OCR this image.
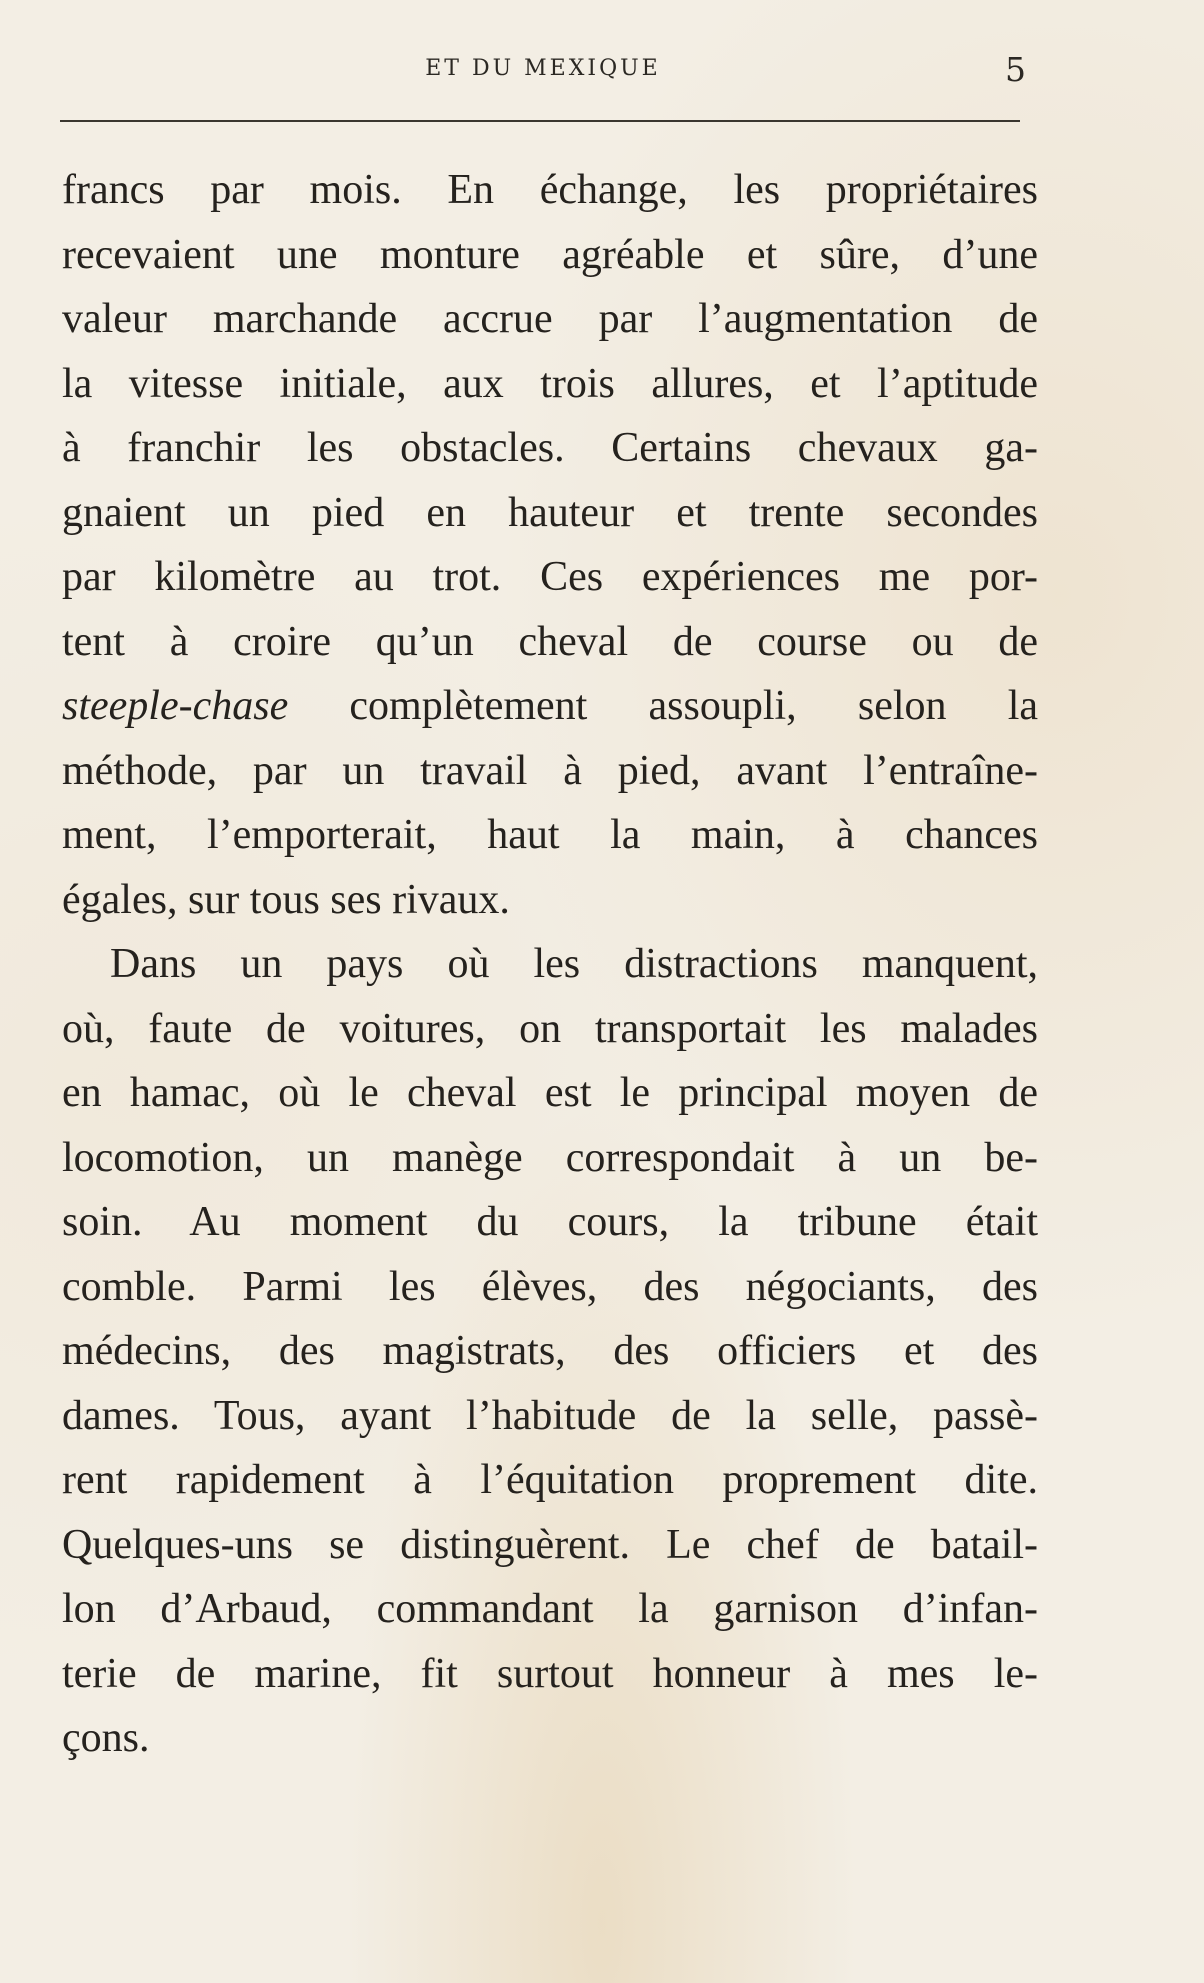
ET DU MEXIQUE	5
francs par mois. En échange, les propriétaires
recevaient une monture agréable et sûre, d’une
valeur marchande accrue par l’augmentation de
la vitesse initiale, aux trois allures, et l’aptitude
à franchir les obstacles. Certains chevaux ga-
gnaient un pied en hauteur et trente secondes
par kilomètre au trot. Ces expériences me por-
tent à croire qu’un cheval de course ou de
steeple-chase complètement assoupli, selon la
méthode, par un travail à pied, avant l’entraîne-
ment, l’emporterait, haut la main, à chances
égales, sur tous ses rivaux.
Dans un pays où les distractions manquent,
où, faute de voitures, on transportait les malades
en hamac, où le cheval est le principal moyen de
locomotion, un manège correspondait à un be-
soin. Au moment du cours, la tribune était
comble. Parmi les élèves, des négociants, des
médecins, des magistrats, des officiers et des
dames. Tous, ayant l’habitude de la selle, passè-
rent rapidement à l’équitation proprement dite.
Quelques-uns se distinguèrent. Le chef de batail-
lon d’Arbaud, commandant la garnison d’infan-
terie de marine, fit surtout honneur à mes le-
çons.
